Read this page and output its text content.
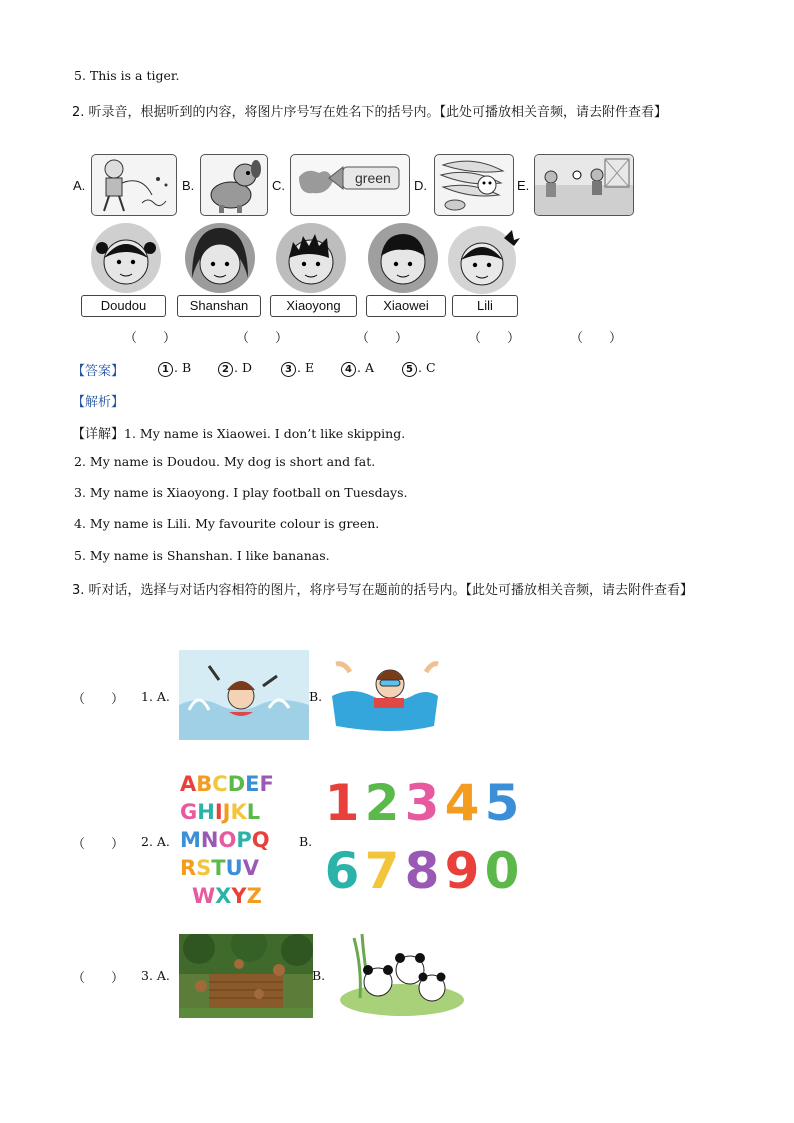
5. This is a tiger.
2. 听录音，根据听到的内容，将图片序号写在姓名下的括号内。【此处可播放相关音频，请去附件查看】
A.	B.	C.	green D.	E.
Doudou	Shanshan	Xiaoyong	Xiaowei	Lili
（　　）	（　　）	（　　）	（　　）	（　　）
【答案】	1 . B	2 . D	3 . E	4 . A	5 . C
【解析】
【详解】1. My name is Xiaowei. I don’t like skipping.
2. My name is Doudou. My dog is short and fat.
3. My name is Xiaoyong. I play football on Tuesdays.
4. My name is Lili. My favourite colour is green.
5. My name is Shanshan. I like bananas.
3. 听对话，选择与对话内容相符的图片，将序号写在题前的括号内。【此处可播放相关音频，请去附件查看】
（　　） 1. A.	B.
（　　） 2. A.
ABCDEF
GHIJKL
MNOPQ
RSTUV
WXYZ
B.
1 2 3 4 5
6 7 8 9 0
（　　） 3. A.	B.
